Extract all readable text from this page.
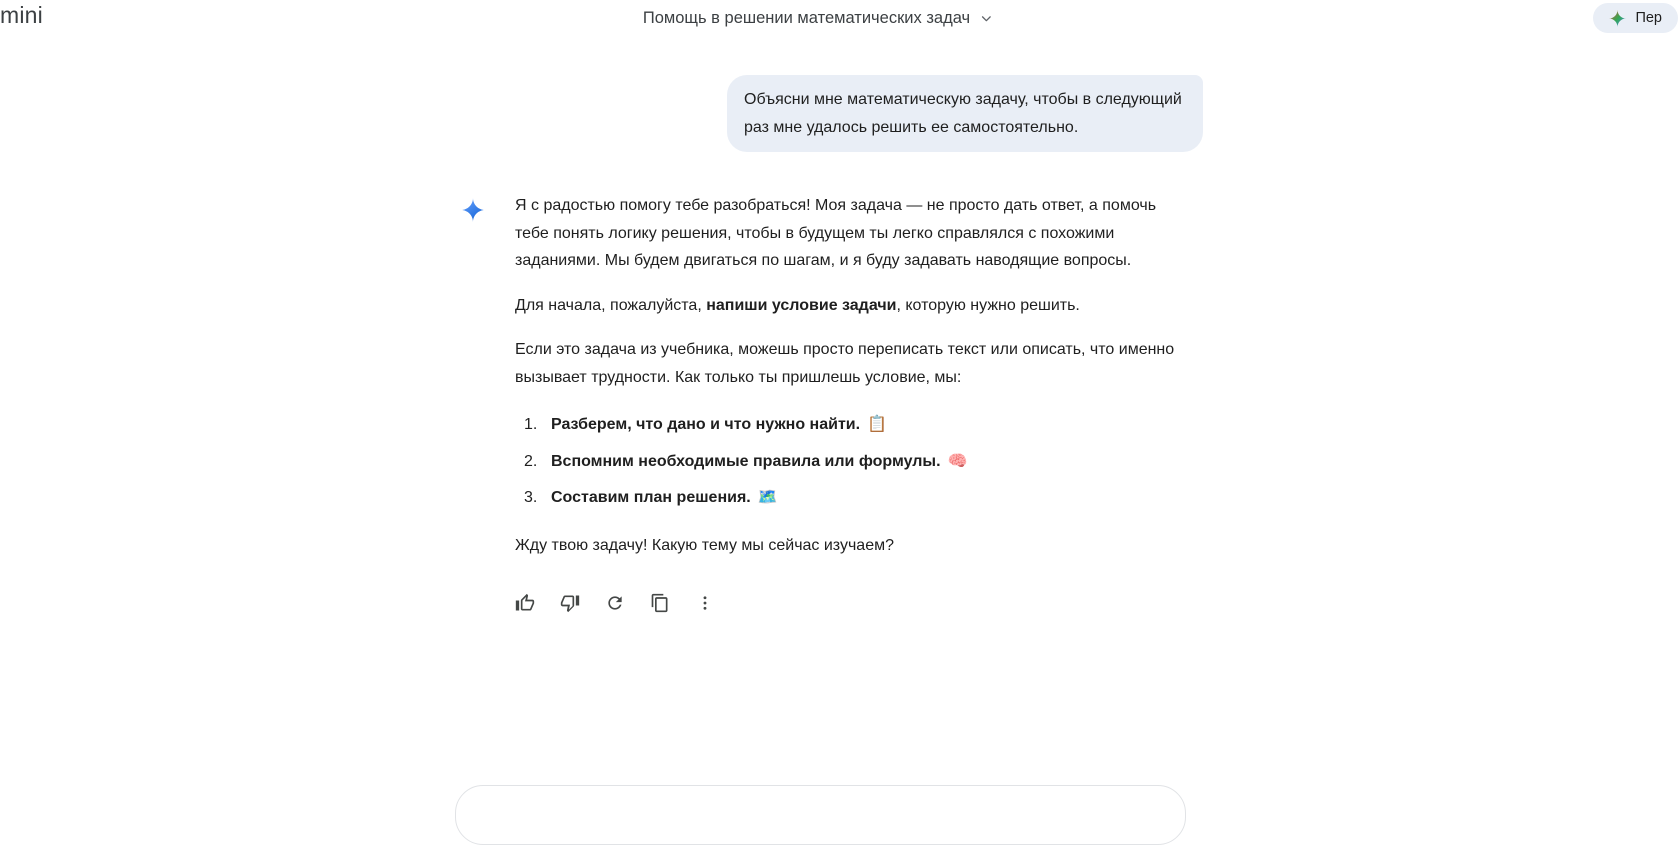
mini	Помощь в решении математических задач	Пер
Объясни мне математическую задачу, чтобы в следующий раз мне удалось решить ее самостоятельно.

Я с радостью помогу тебе разобраться! Моя задача — не просто дать ответ, а помочь тебе понять логику решения, чтобы в будущем ты легко справлялся с похожими заданиями. Мы будем двигаться по шагам, и я буду задавать наводящие вопросы.

Для начала, пожалуйста, напиши условие задачи, которую нужно решить.

Если это задача из учебника, можешь просто переписать текст или описать, что именно вызывает трудности. Как только ты пришлешь условие, мы:

1. Разберем, что дано и что нужно найти. 📋
2. Вспомним необходимые правила или формулы. 🧠
3. Составим план решения. 🗺️

Жду твою задачу! Какую тему мы сейчас изучаем?
